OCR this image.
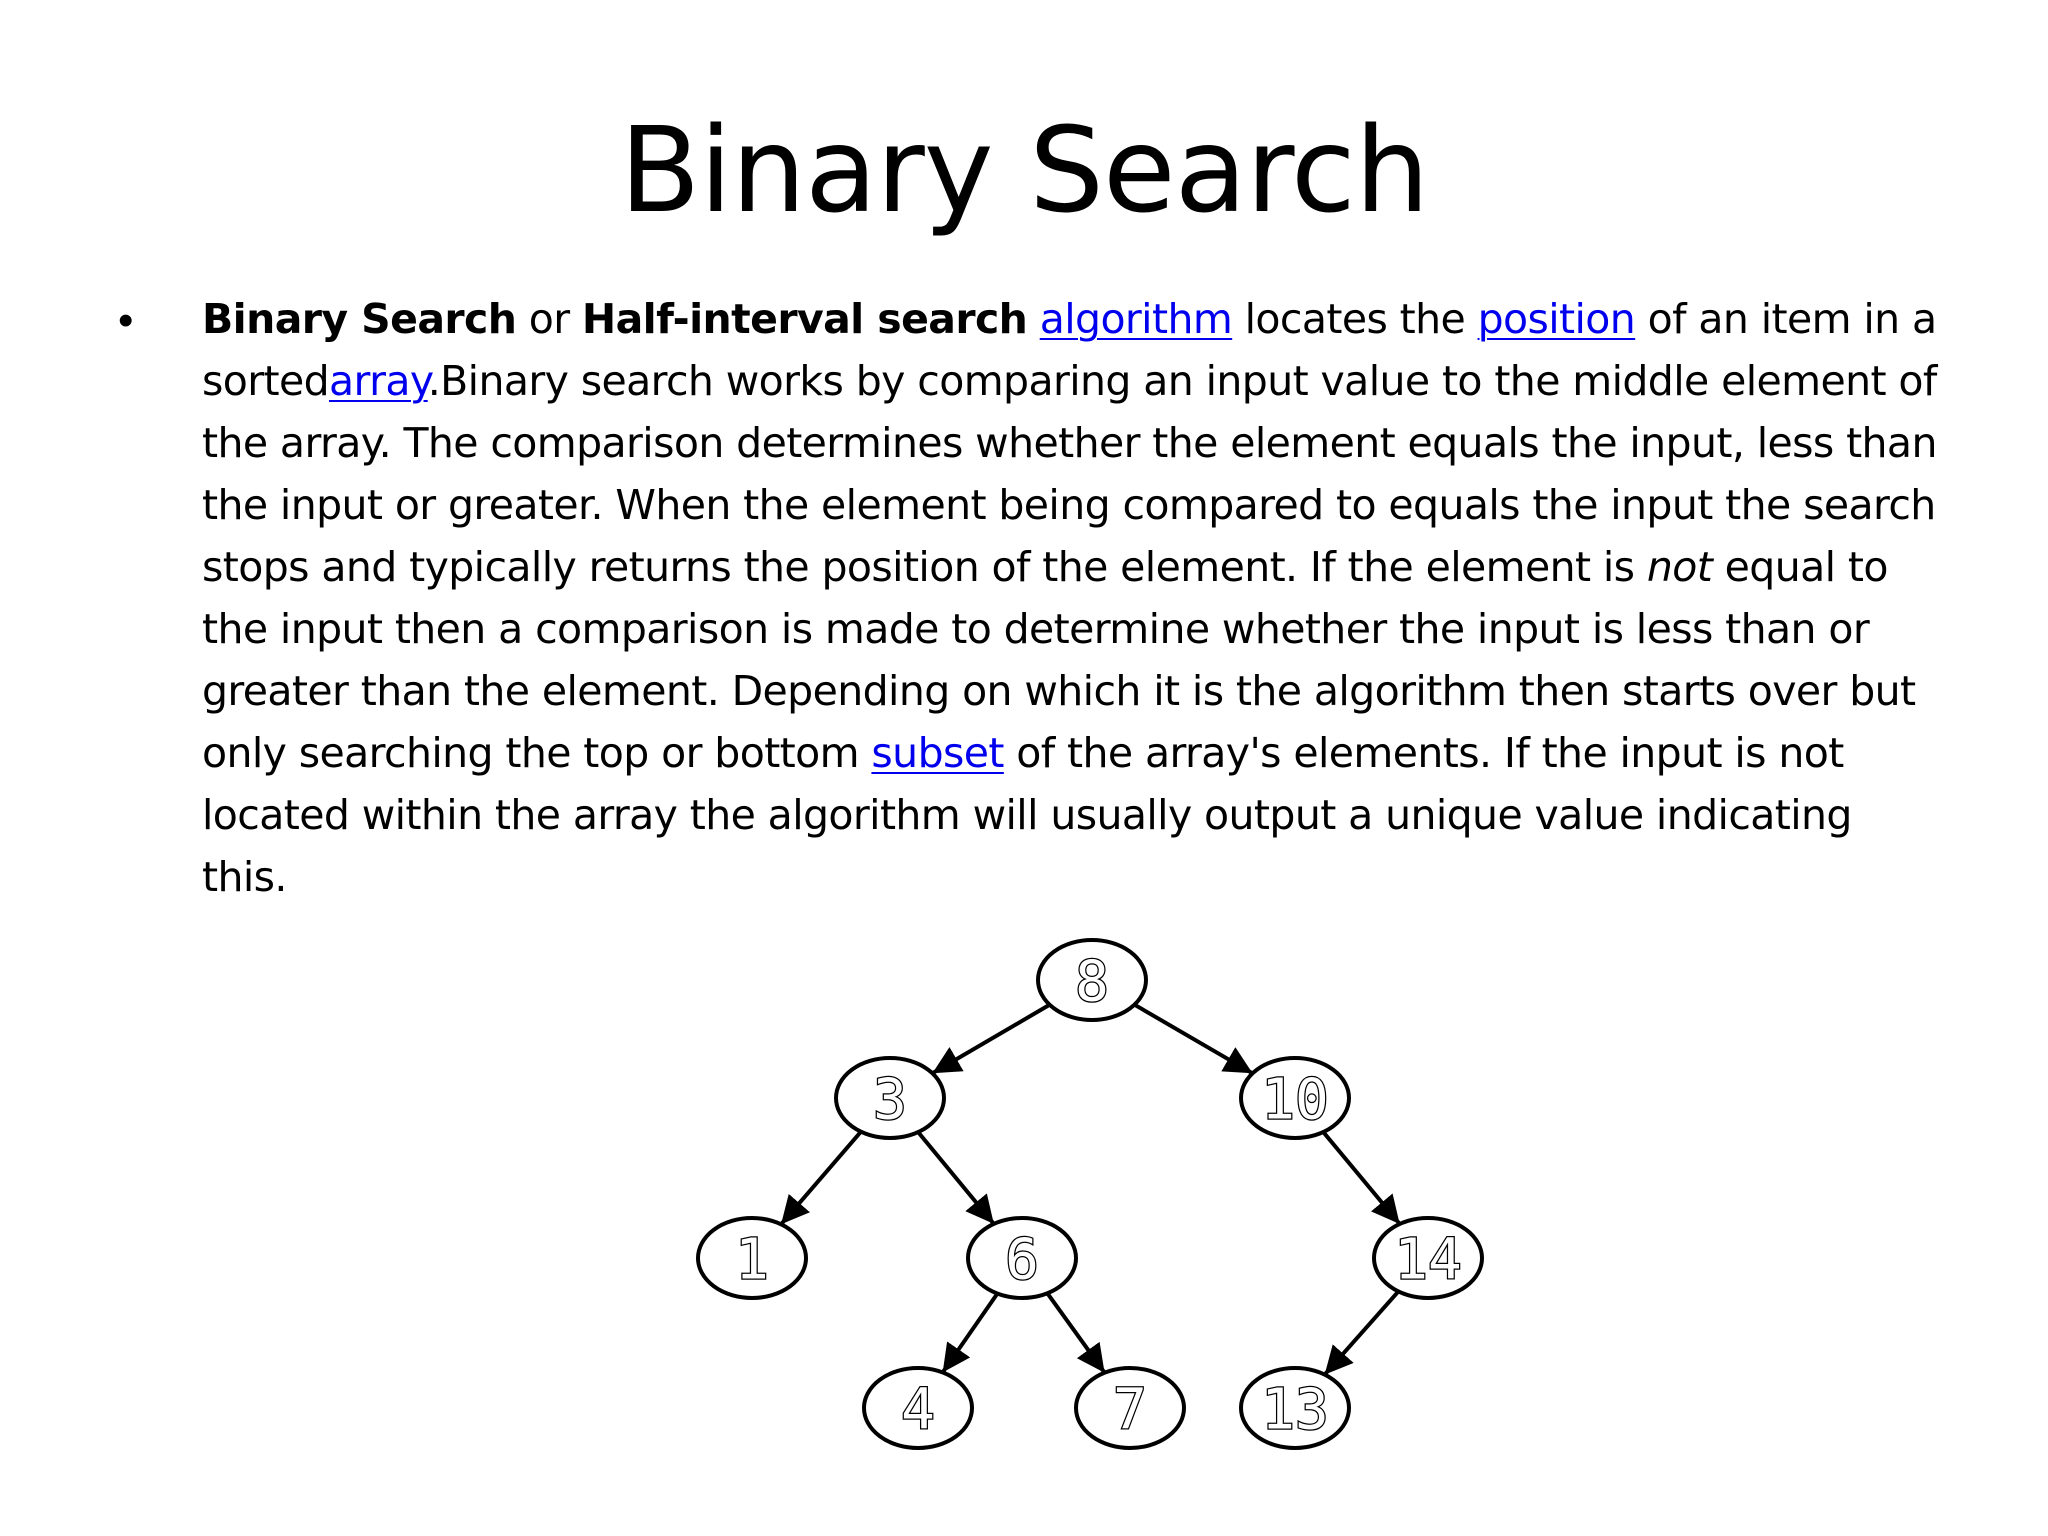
Binary Search
• Binary Search or Half-interval search algorithm locates the position of an item in a sortedarray.Binary search works by comparing an input value to the middle element of the array. The comparison determines whether the element equals the input, less than the input or greater. When the element being compared to equals the input the search stops and typically returns the position of the element. If the element is not equal to the input then a comparison is made to determine whether the input is less than or greater than the element. Depending on which it is the algorithm then starts over but only searching the top or bottom subset of the array's elements. If the input is not located within the array the algorithm will usually output a unique value indicating this.

8
3	10
1	6	14
4	7 13
